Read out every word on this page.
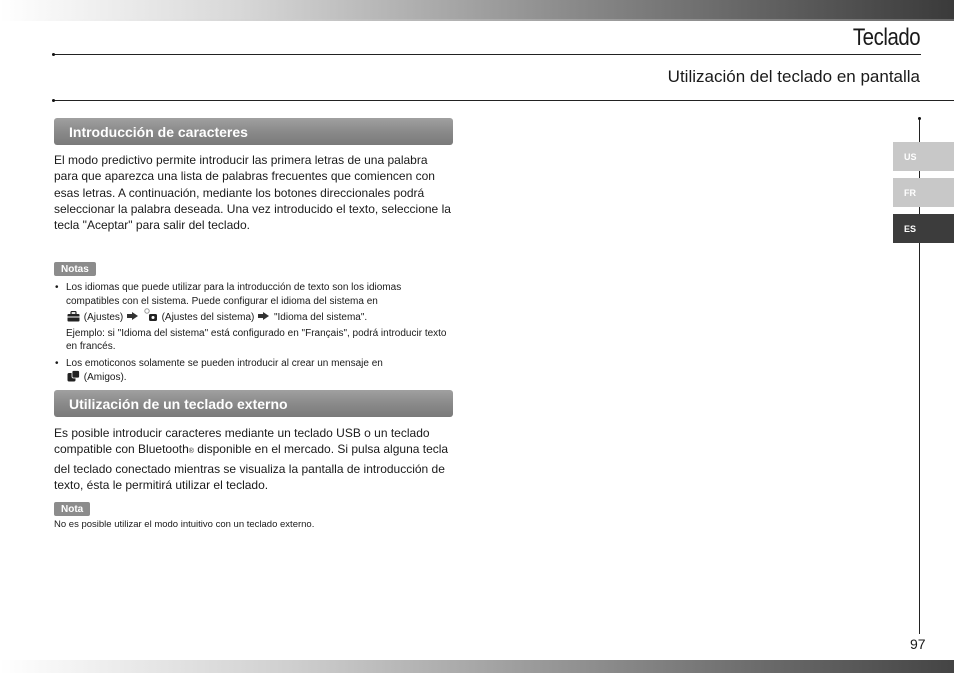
Teclado
Utilización del teclado en pantalla
US
FR
ES
Introducción de caracteres

El modo predictivo permite introducir las primera letras de una palabra para que aparezca una lista de palabras frecuentes que comiencen con esas letras. A continuación, mediante los botones direccionales podrá seleccionar la palabra deseada. Una vez introducido el texto, seleccione la tecla "Aceptar" para salir del teclado.

Notas
• Los idiomas que puede utilizar para la introducción de texto son los idiomas compatibles con el sistema. Puede configurar el idioma del sistema en
(Ajustes)	(Ajustes del sistema) "Idioma del sistema".
Ejemplo: si "Idioma del sistema" está configurado en "Français", podrá introducir texto en francés.
• Los emoticonos solamente se pueden introducir al crear un mensaje en
(Amigos).
Utilización de un teclado externo

Es posible introducir caracteres mediante un teclado USB o un teclado compatible con Bluetooth® disponible en el mercado. Si pulsa alguna tecla del teclado conectado mientras se visualiza la pantalla de introducción de texto, ésta le permitirá utilizar el teclado.

Nota
No es posible utilizar el modo intuitivo con un teclado externo.
97
